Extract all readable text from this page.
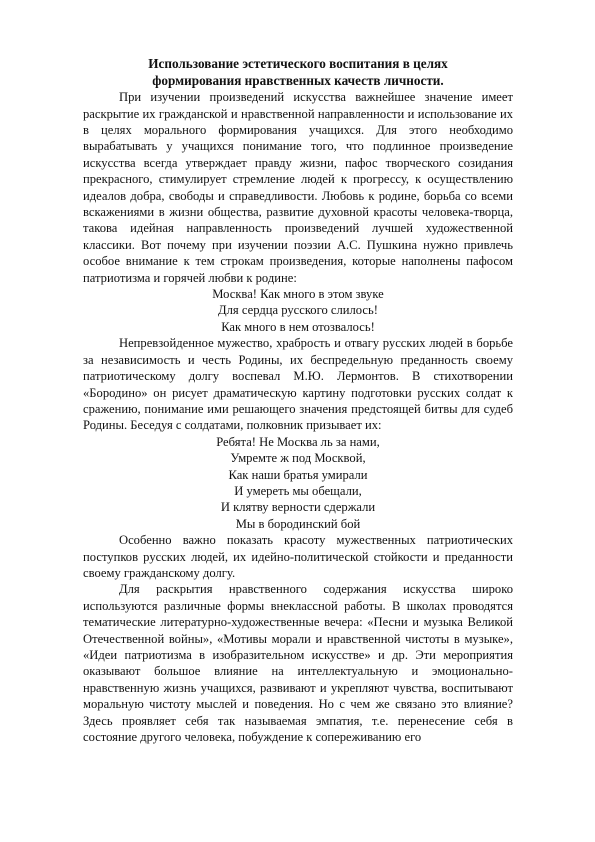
Использование эстетического воспитания в целях
формирования нравственных качеств личности.

При изучении произведений искусства важнейшее значение имеет раскрытие их гражданской и нравственной направленности и использование их в целях морального формирования учащихся. Для этого необходимо вырабатывать у учащихся понимание того, что подлинное произведение искусства всегда утверждает правду жизни, пафос творческого созидания прекрасного, стимулирует стремление людей к прогрессу, к осуществлению идеалов добра, свободы и справедливости. Любовь к родине, борьба со всеми вскажениями в жизни общества, развитие духовной красоты человека-творца, такова идейная направленность произведений лучшей художественной классики. Вот почему при изучении поэзии А.С. Пушкина нужно привлечь особое внимание к тем строкам произведения, которые наполнены пафосом патриотизма и горячей любви к родине:

Москва! Как много в этом звуке
Для сердца русского слилось!
Как много в нем отозвалось!

Непревзойденное мужество, храбрость и отвагу русских людей в борьбе за независимость и честь Родины, их беспредельную преданность своему патриотическому долгу воспевал М.Ю. Лермонтов. В стихотворении «Бородино» он рисует драматическую картину подготовки русских солдат к сражению, понимание ими решающего значения предстоящей битвы для судеб Родины. Беседуя с солдатами, полковник призывает их:

Ребята! Не Москва ль за нами,
Умремте ж под Москвой,
Как наши братья умирали
И умереть мы обещали,
И клятву верности сдержали
Мы в бородинский бой

Особенно важно показать красоту мужественных патриотических поступков русских людей, их идейно-политической стойкости и преданности своему гражданскому долгу.

Для раскрытия нравственного содержания искусства широко используются различные формы внеклассной работы. В школах проводятся тематические литературно-художественные вечера: «Песни и музыка Великой Отечественной войны», «Мотивы морали и нравственной чистоты в музыке», «Идеи патриотизма в изобразительном искусстве» и др. Эти мероприятия оказывают большое влияние на интеллектуальную и эмоционально-нравственную жизнь учащихся, развивают и укрепляют чувства, воспитывают моральную чистоту мыслей и поведения. Но с чем же связано это влияние? Здесь проявляет себя так называемая эмпатия, т.е. перенесение себя в состояние другого человека, побуждение к сопереживанию его
